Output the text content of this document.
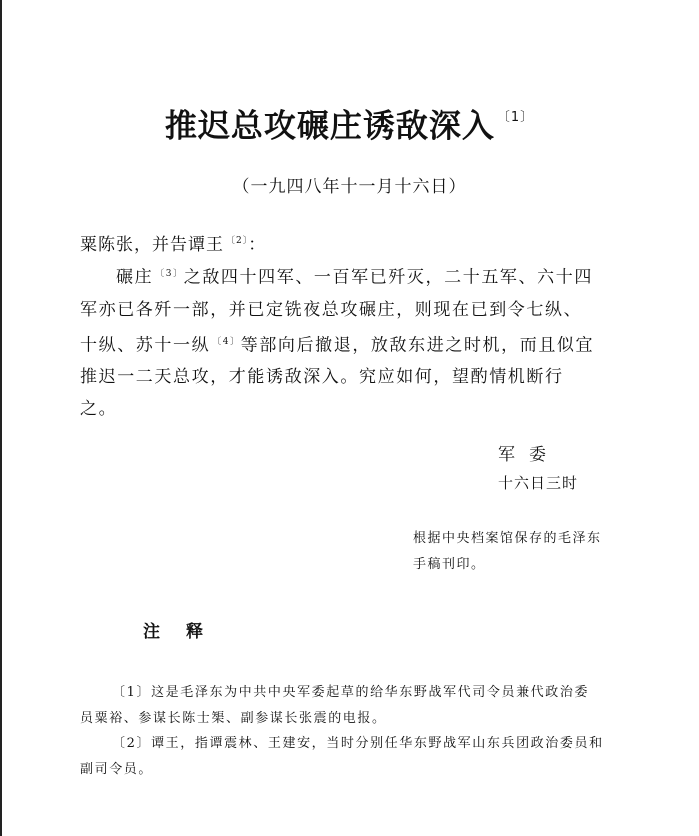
推迟总攻碾庄诱敌深入 $^{〔1〕}$
（一九四八年十一月十六日）
粟陈张，并告谭王 $^{〔2〕}$：
碾庄 $^{〔3〕}$之敌四十四军、一百军已歼灭，二十五军、六十四
军亦已各歼一部，并已定铣夜总攻碾庄，则现在已到令七纵、
十纵、苏十一纵 $^{〔4〕}$等部向后撤退，放敌东进之时机，而且似宜
推迟一二天总攻，才能诱敌深入。究应如何，望酌情机断行
之。
军委
十六日三时
根据中央档案馆保存的毛泽东
手稿刊印。
注释
〔1〕这是毛泽东为中共中央军委起草的给华东野战军代司令员兼代政治委
员粟裕、参谋长陈士榘、副参谋长张震的电报。
〔2〕谭王，指谭震林、王建安，当时分别任华东野战军山东兵团政治委员和
副司令员。
